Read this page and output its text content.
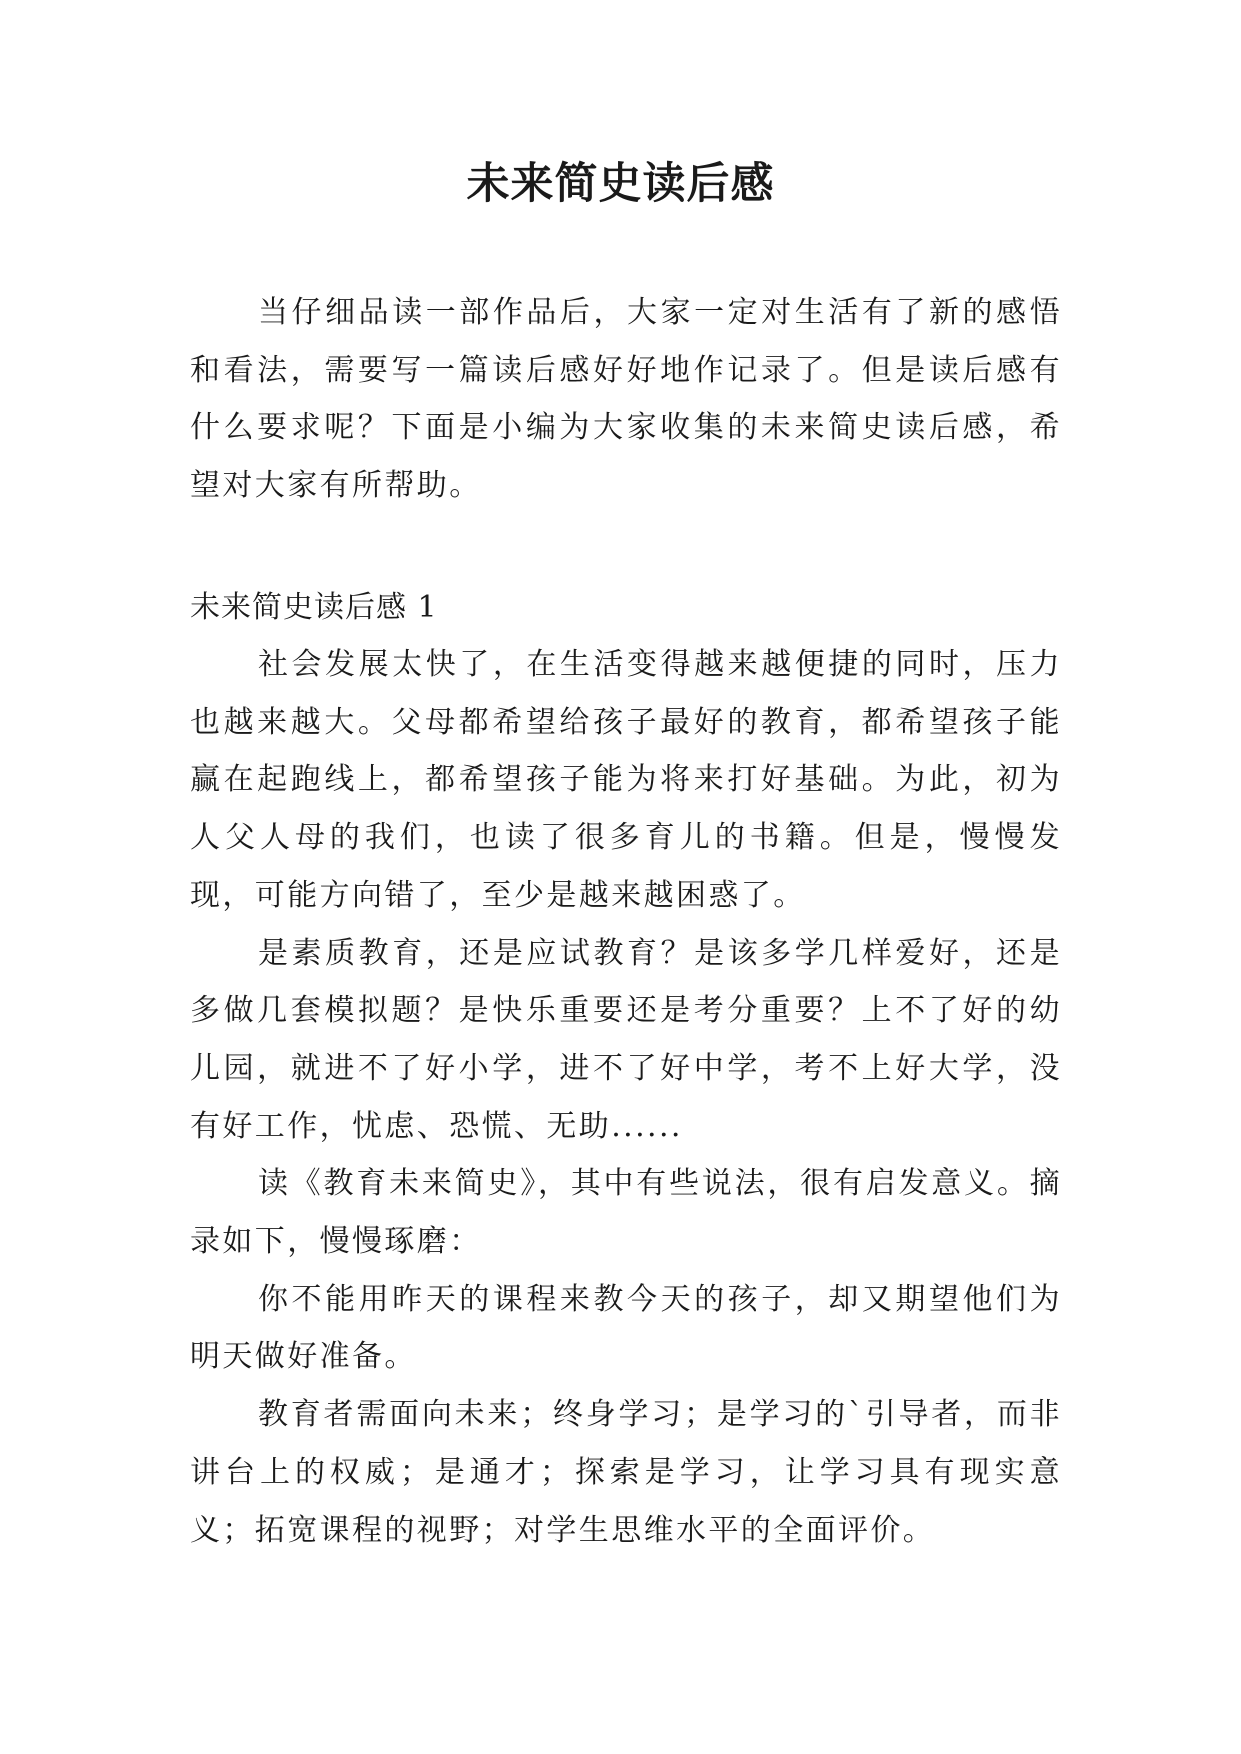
未来简史读后感

当仔细品读一部作品后，大家一定对生活有了新的感悟和看法，需要写一篇读后感好好地作记录了。但是读后感有什么要求呢？下面是小编为大家收集的未来简史读后感，希望对大家有所帮助。

未来简史读后感 1

社会发展太快了，在生活变得越来越便捷的同时，压力也越来越大。父母都希望给孩子最好的教育，都希望孩子能赢在起跑线上，都希望孩子能为将来打好基础。为此，初为人父人母的我们，也读了很多育儿的书籍。但是，慢慢发现，可能方向错了，至少是越来越困惑了。

是素质教育，还是应试教育？是该多学几样爱好，还是多做几套模拟题？是快乐重要还是考分重要？上不了好的幼儿园，就进不了好小学，进不了好中学，考不上好大学，没有好工作，忧虑、恐慌、无助......

读《教育未来简史》，其中有些说法，很有启发意义。摘录如下，慢慢琢磨：

你不能用昨天的课程来教今天的孩子，却又期望他们为明天做好准备。

教育者需面向未来；终身学习；是学习的`引导者，而非讲台上的权威；是通才；探索是学习，让学习具有现实意义；拓宽课程的视野；对学生思维水平的全面评价。
